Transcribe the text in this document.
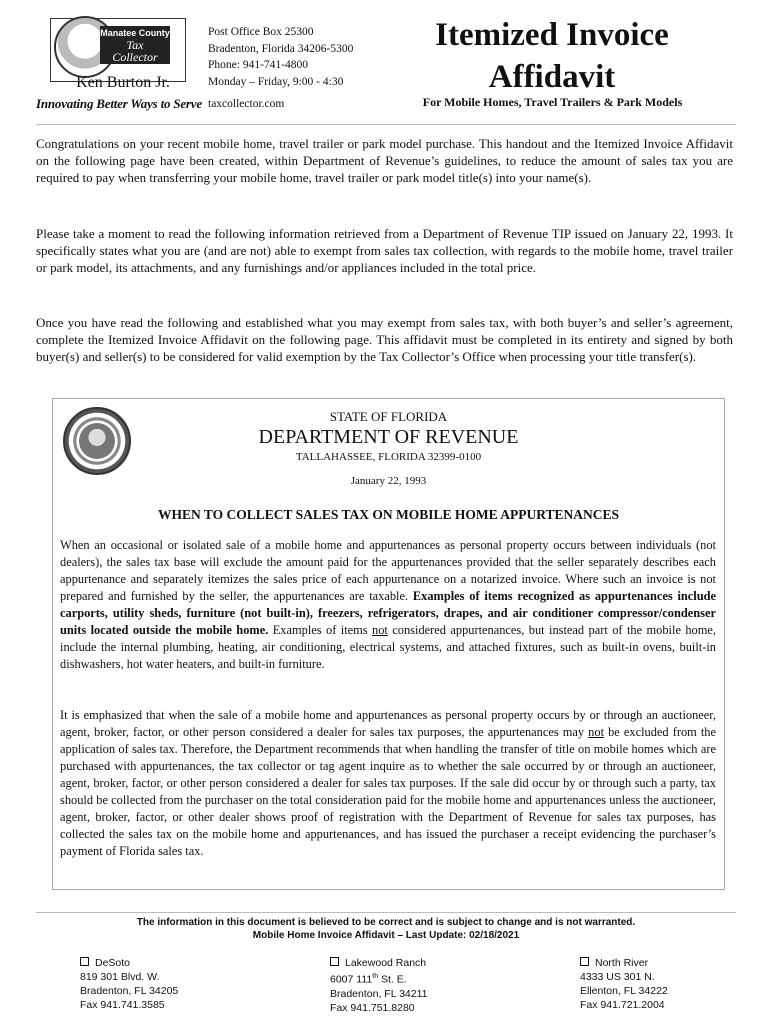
Manatee County
Tax
Collector
Ken Burton Jr.
Innovating Better Ways to Serve
Post Office Box 25300
Bradenton, Florida 34206-5300
Phone: 941-741-4800
Monday – Friday, 9:00 - 4:30
taxcollector.com
Itemized Invoice
Affidavit
For Mobile Homes, Travel Trailers & Park Models
Congratulations on your recent mobile home, travel trailer or park model purchase. This handout and the Itemized Invoice Affidavit on the following page have been created, within Department of Revenue’s guidelines, to reduce the amount of sales tax you are required to pay when transferring your mobile home, travel trailer or park model title(s) into your name(s).
Please take a moment to read the following information retrieved from a Department of Revenue TIP issued on January 22, 1993. It specifically states what you are (and are not) able to exempt from sales tax collection, with regards to the mobile home, travel trailer or park model, its attachments, and any furnishings and/or appliances included in the total price.
Once you have read the following and established what you may exempt from sales tax, with both buyer’s and seller’s agreement, complete the Itemized Invoice Affidavit on the following page. This affidavit must be completed in its entirety and signed by both buyer(s) and seller(s) to be considered for valid exemption by the Tax Collector’s Office when processing your title transfer(s).
STATE OF FLORIDA
DEPARTMENT OF REVENUE
TALLAHASSEE, FLORIDA 32399-0100
January 22, 1993
WHEN TO COLLECT SALES TAX ON MOBILE HOME APPURTENANCES
When an occasional or isolated sale of a mobile home and appurtenances as personal property occurs between individuals (not dealers), the sales tax base will exclude the amount paid for the appurtenances provided that the seller separately describes each appurtenance and separately itemizes the sales price of each appurtenance on a notarized invoice. Where such an invoice is not prepared and furnished by the seller, the appurtenances are taxable. Examples of items recognized as appurtenances include carports, utility sheds, furniture (not built-in), freezers, refrigerators, drapes, and air conditioner compressor/condenser units located outside the mobile home. Examples of items not considered appurtenances, but instead part of the mobile home, include the internal plumbing, heating, air conditioning, electrical systems, and attached fixtures, such as built-in ovens, built-in dishwashers, hot water heaters, and built-in furniture.
It is emphasized that when the sale of a mobile home and appurtenances as personal property occurs by or through an auctioneer, agent, broker, factor, or other person considered a dealer for sales tax purposes, the appurtenances may not be excluded from the application of sales tax. Therefore, the Department recommends that when handling the transfer of title on mobile homes which are purchased with appurtenances, the tax collector or tag agent inquire as to whether the sale occurred by or through an auctioneer, agent, broker, factor, or other person considered a dealer for sales tax purposes. If the sale did occur by or through such a party, tax should be collected from the purchaser on the total consideration paid for the mobile home and appurtenances unless the auctioneer, agent, broker, factor, or other dealer shows proof of registration with the Department of Revenue for sales tax purposes, has collected the sales tax on the mobile home and appurtenances, and has issued the purchaser a receipt evidencing the purchaser’s payment of Florida sales tax.
The information in this document is believed to be correct and is subject to change and is not warranted.
Mobile Home Invoice Affidavit – Last Update: 02/18/2021
DeSoto
819 301 Blvd. W.
Bradenton, FL 34205
Fax 941.741.3585
Lakewood Ranch
6007 111th St. E.
Bradenton, FL 34211
Fax 941.751.8280
North River
4333 US 301 N.
Ellenton, FL 34222
Fax 941.721.2004
